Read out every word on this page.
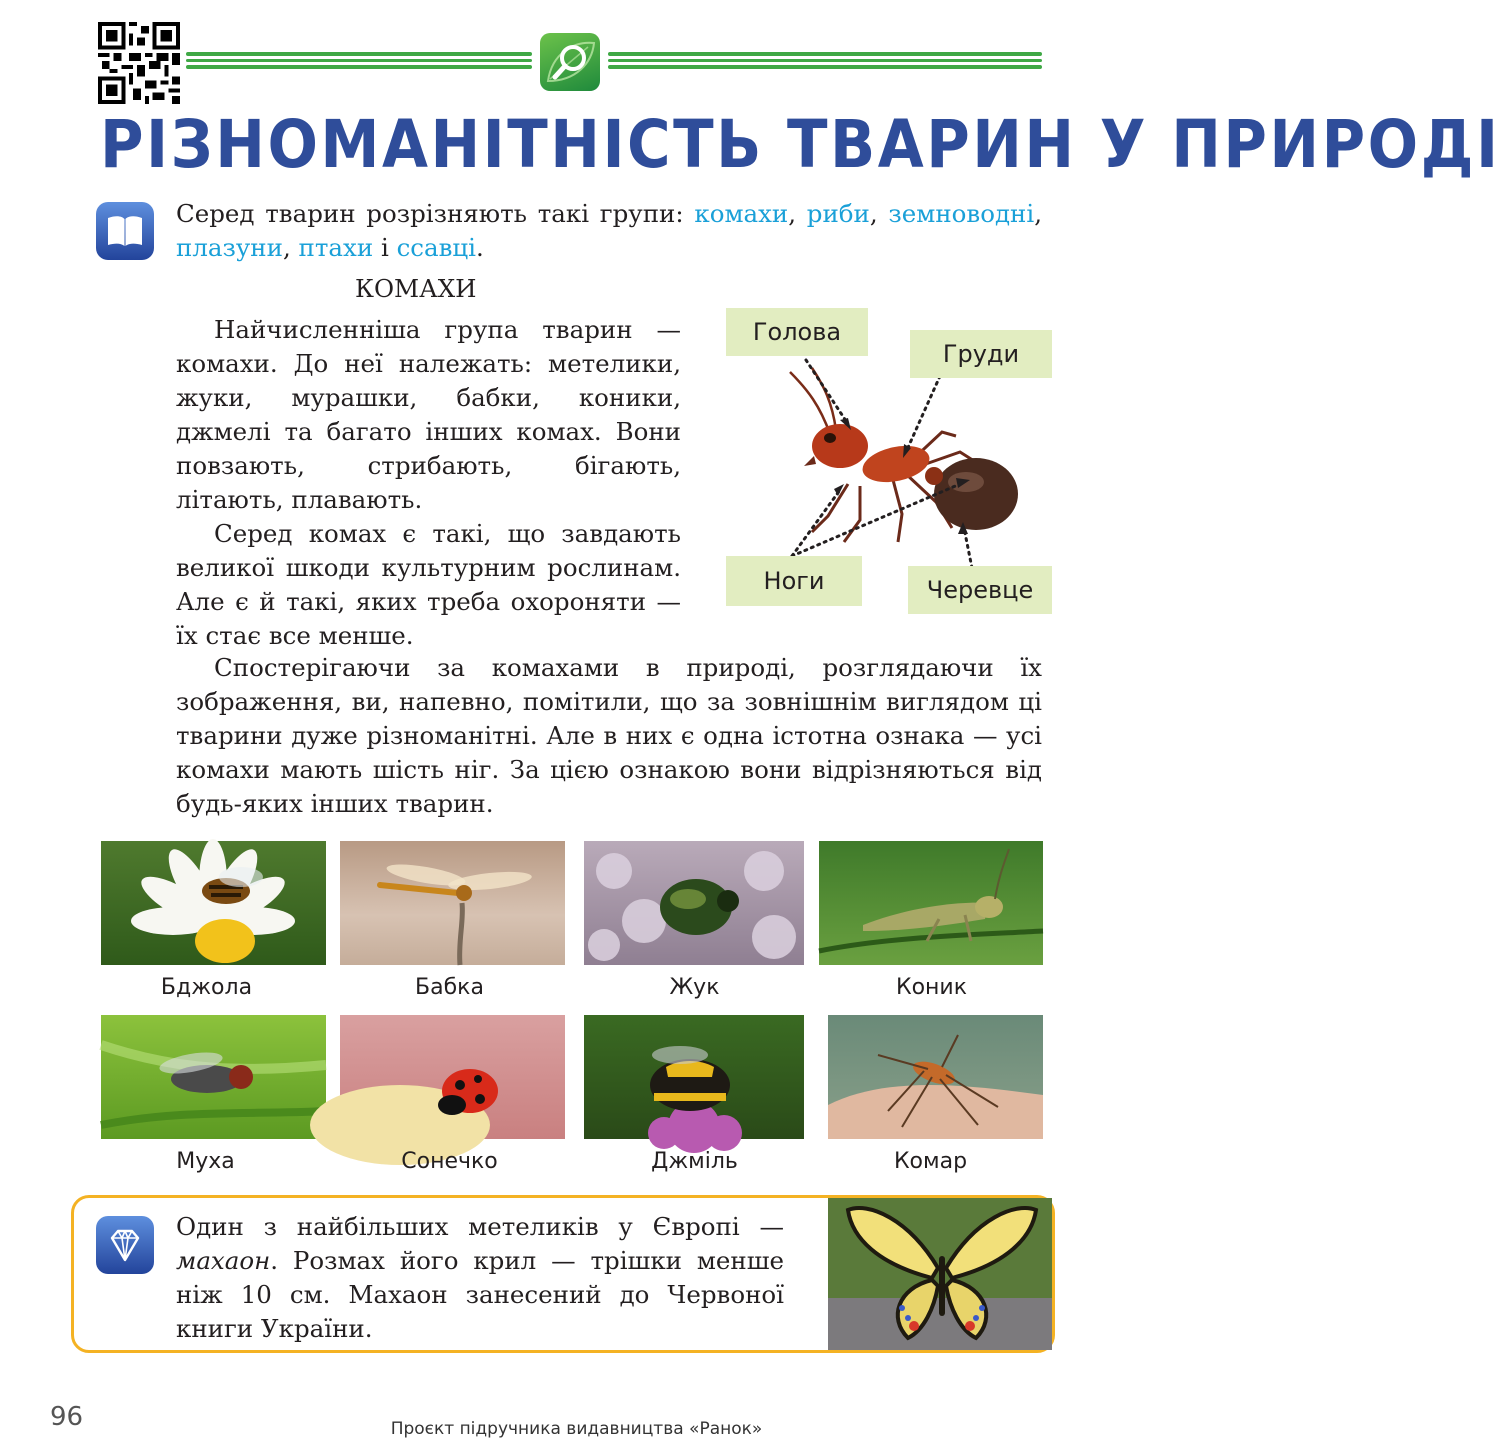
РІЗНОМАНІТНІСТЬ ТВАРИН У ПРИРОДІ
Серед тварин розрізняють такі групи: комахи, риби, земноводні, плазуни, птахи і ссавці.
КОМАХИ

Найчисленніша група тварин — комахи. До неї належать: метелики, жуки, мурашки, бабки, коники, джмелі та багато інших комах. Вони повзають, стрибають, бігають, літають, плавають.

Серед комах є такі, що завдають великої шкоди культурним рослинам. Але є й такі, яких треба охороняти — їх стає все менше.

Голова
Груди
Ноги	Черевце

Спостерігаючи за комахами в природі, розглядаючи їх зображення, ви, напевно, помітили, що за зовнішнім виглядом ці тварини дуже різноманітні. Але в них є одна істотна ознака — усі комахи мають шість ніг. За цією ознакою вони відрізняються від будь-яких інших тварин.

Бджола	Бабка	Жук	Коник
Муха	Сонечко	Джміль	Комар
Один з найбільших метеликів у Європі — махаон. Розмах його крил — трішки менше ніж 10 см. Махаон занесений до Червоної книги України.
96	Проєкт підручника видавництва «Ранок»
